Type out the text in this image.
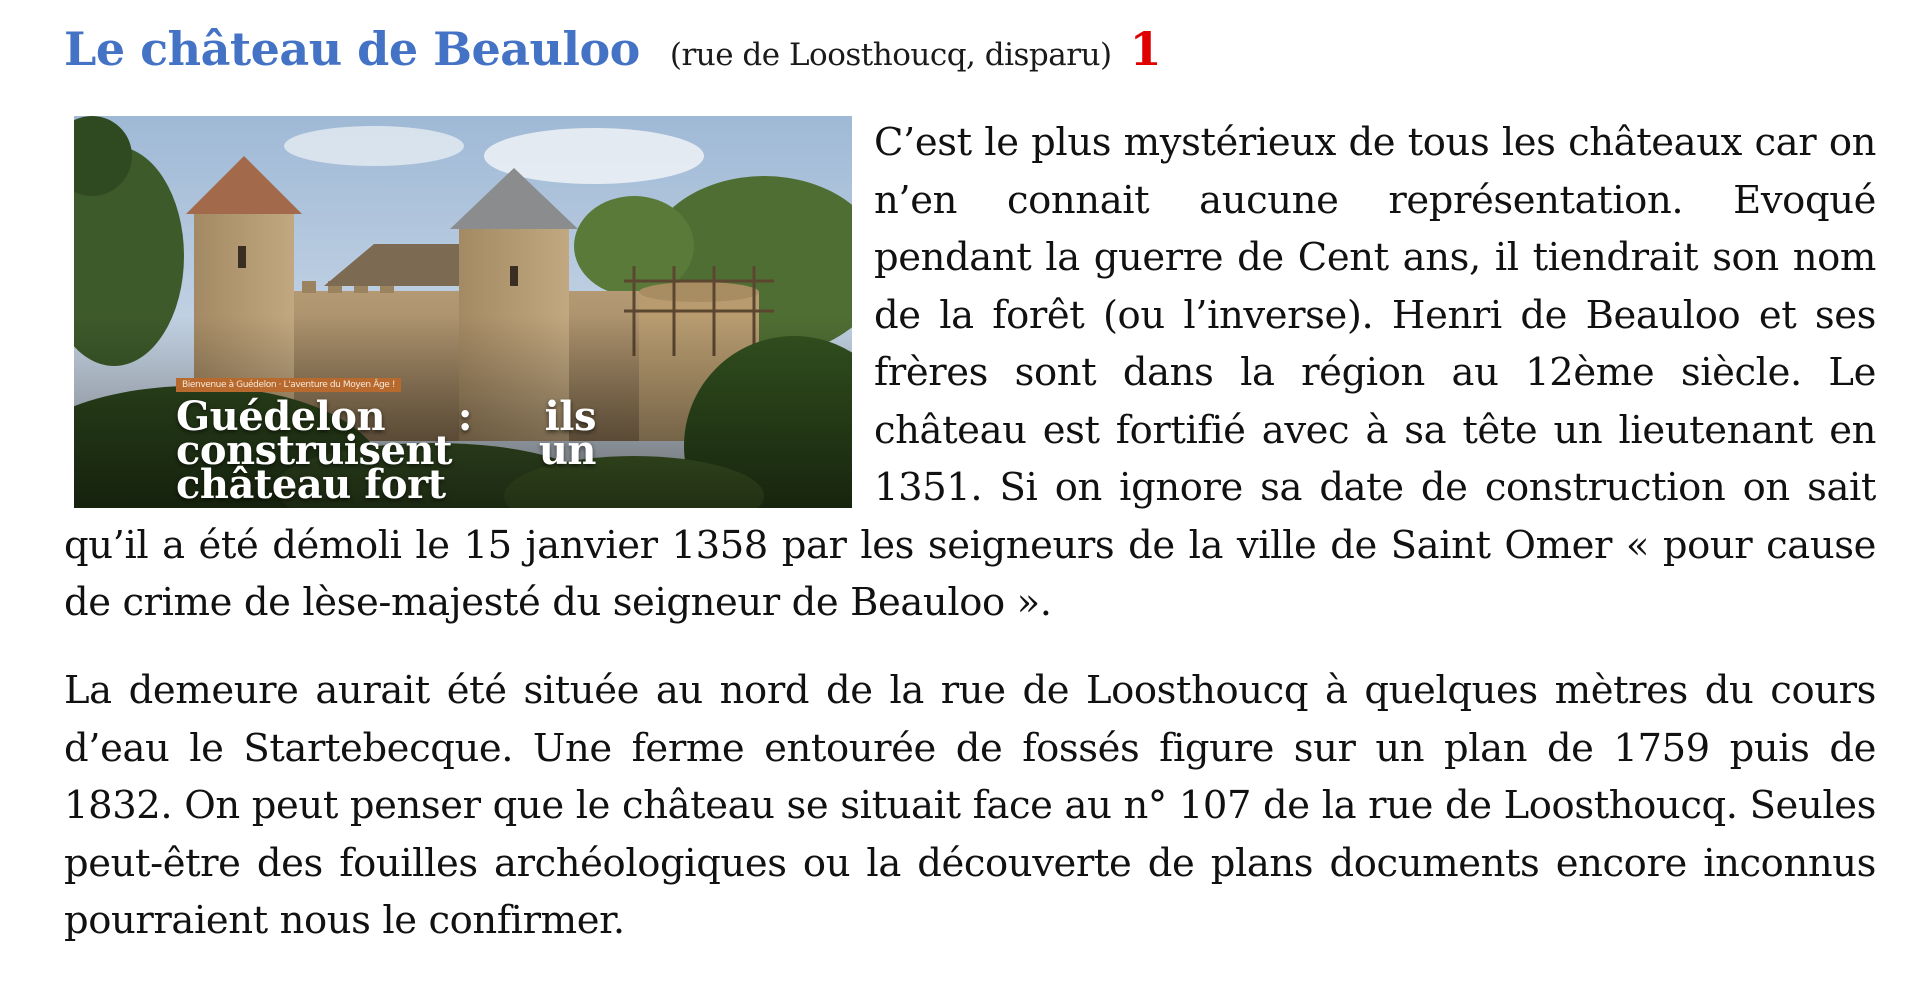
Le château de Beauloo (rue de Loosthoucq, disparu) 1
Bienvenue à Guédelon · L'aventure du Moyen Âge !
Guédelon : ils construisent un château fort

C’est le plus mystérieux de tous les châteaux car on n’en connait aucune représentation. Evoqué pendant la guerre de Cent ans, il tiendrait son nom de la forêt (ou l’inverse). Henri de Beauloo et ses frères sont dans la région au 12ème siècle. Le château est fortifié avec à sa tête un lieutenant en 1351. Si on ignore sa date de construction on sait qu’il a été démoli le 15 janvier 1358 par les seigneurs de la ville de Saint Omer « pour cause de crime de lèse-majesté du seigneur de Beauloo ».

La demeure aurait été située au nord de la rue de Loosthoucq à quelques mètres du cours d’eau le Startebecque. Une ferme entourée de fossés figure sur un plan de 1759 puis de 1832. On peut penser que le château se situait face au n° 107 de la rue de Loosthoucq. Seules peut-être des fouilles archéologiques ou la découverte de plans documents encore inconnus pourraient nous le confirmer.
